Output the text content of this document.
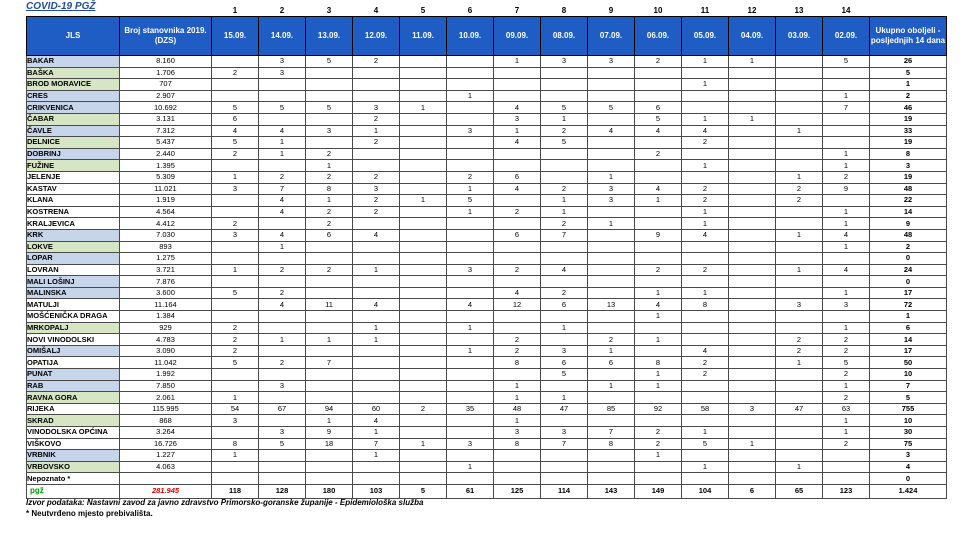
COVID-19 PGŽ
			1	2	3	4	5	6	7	8	9	10	11	12	13	14	
JLS	Broj stanovnika 2019. (DZS)	15.09.	14.09.	13.09.	12.09.	11.09.	10.09.	09.09.	08.09.	07.09.	06.09.	05.09.	04.09.	03.09.	02.09.	Ukupno oboljeli - posljednjih 14 dana
BAKAR	8.160		3	5	2			1	3	3	2	1	1		5	26
BAŠKA	1.706	2	3													5
BROD MORAVICE	707											1				1
CRES	2.907						1								1	2
CRIKVENICA	10.692	5	5	5	3	1		4	5	5	6				7	46
ČABAR	3.131	6			2			3	1		5	1	1			19
ČAVLE	7.312	4	4	3	1		3	1	2	4	4	4		1		33
DELNICE	5.437	5	1		2			4	5			2				19
DOBRINJ	2.440	2	1	2							2				1	8
FUŽINE	1.395			1								1			1	3
JELENJE	5.309	1	2	2	2		2	6		1				1	2	19
KASTAV	11.021	3	7	8	3		1	4	2	3	4	2		2	9	48
KLANA	1.919		4	1	2	1	5		1	3	1	2		2		22
KOSTRENA	4.564		4	2	2		1	2	1			1			1	14
KRALJEVICA	4.412	2		2					2	1		1			1	9
KRK	7.030	3	4	6	4			6	7		9	4		1	4	48
LOKVE	893		1												1	2
LOPAR	1.275															0
LOVRAN	3.721	1	2	2	1		3	2	4		2	2		1	4	24
MALI LOŠINJ	7.876															0
MALINSKA	3.600	5	2					4	2		1	1			1	17
MATULJI	11.164		4	11	4		4	12	6	13	4	8		3	3	72
MOŠĆENIČKA DRAGA	1.384										1					1
MRKOPALJ	929	2			1		1		1						1	6
NOVI VINODOLSKI	4.783	2	1	1	1			2		2	1			2	2	14
OMIŠALJ	3.090	2					1	2	3	1		4		2	2	17
OPATIJA	11.042	5	2	7				8	6	6	8	2		1	5	50
PUNAT	1.992								5		1	2			2	10
RAB	7.850		3					1		1	1				1	7
RAVNA GORA	2.061	1						1	1						2	5
RIJEKA	115.995	54	67	94	60	2	35	48	47	85	92	58	3	47	63	755
SKRAD	868	3		1	4			1							1	10
VINODOLSKA OPĆINA	3.264		3	9	1			3	3	7	2	1			1	30
VIŠKOVO	16.726	8	5	18	7	1	3	8	7	8	2	5	1		2	75
VRBNIK	1.227	1			1						1					3
VRBOVSKO	4.063						1					1		1		4
Nepoznato *																0
pgž	281.945	118	128	180	103	5	61	125	114	143	149	104	6	65	123	1.424
Izvor podataka: Nastavni zavod za javno zdravstvo Primorsko-goranske županije - Epidemiološka služba
* Neutvrđeno mjesto prebivališta.
